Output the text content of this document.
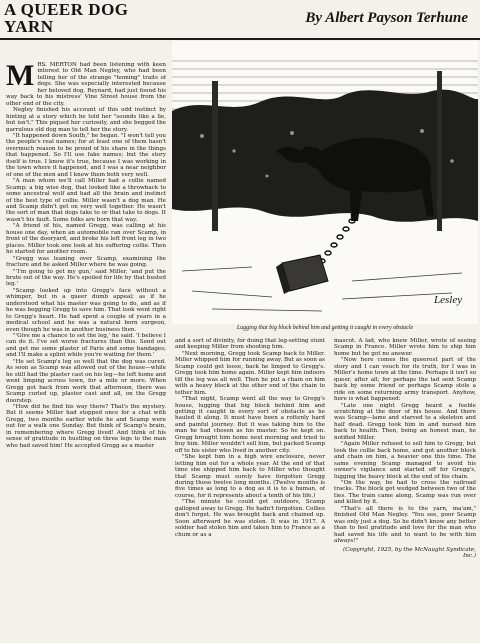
A QUEER DOG YARN	By Albert Payson Terhune

MRS. MERTON had been listening with keen interest to Old Man Negley, who had been telling her of the strange "homing" traits of dogs. She was especially interested because her beloved dog, Reynard, had just found his way back to his mistress' Vine Street house from the other end of the city.

Negley finished his account of this odd instinct by hinting at a story which he told her "sounds like a lie, but isn't." This piqued her curiosity, and she begged the garrulous old dog man to tell her the story.

"It happened down South," he began. "I won't tell you the people's real names; for at least one of them hasn't overmuch reason to be proud of his share in the things that happened. So I'll use fake names; but the story itself is true. I know it's true, because I was working in the town where it happened, and I was a near neighbor of one of the men and I knew them both very well.

"A man whom we'll call Miller had a collie named Scamp; a big wise dog, that looked like a throwback to some ancestral wolf and had all the brain and instinct of the best type of collie. Miller wasn't a dog man. He and Scamp didn't get on very well together. He wasn't the sort of man that dogs take to or that take to dogs. It wasn't his fault. Some folks are born that way.

"A friend of his, named Gregg, was calling at his house one day, when an automobile ran over Scamp, in front of the dooryard, and broke his left front leg in two places. Miller took one look at his suffering collie. Then he started for another room.

"Gregg was leaning over Scamp, examining the fracture and he asked Miller where he was going.

"'I'm going to get my gun,' said Miller, 'and put the brute out of the way. He's spoiled for life by that busted leg.'

"Scamp looked up into Gregg's face without a whimper, but in a queer dumb appeal; as if he understood what his master was going to do, and as if he was begging Gregg to save him. That look went right to Gregg's heart. He had spent a couple of years in a medical school and he was a natural born surgeon, even though he was in another business then.

"'Give me a chance to set the leg,' he said. 'I believe I can do it. I've set worse fractures than this. Send out and get me some plaster of Paris and some bandages; and I'll make a splint while you're waiting for them.'

"He set Scamp's leg so well that the dog was cured. As soon as Scamp was allowed out of the house—while he still had the plaster cast on his leg—he left home and went limping across town, for a mile or more. When Gregg got back from work that afternoon, there was Scamp curled up, plaster cast and all, on the Gregg doorstep.

"How did he find his way there? That's the mystery. But it seems Miller had stopped once for a chat with Gregg, two months earlier while he and Scamp were out for a walk one Sunday. But think of Scamp's brain, in remembering where Gregg lived! And think of his sense of gratitude in hustling on three legs to the man who had saved him! He accepted Gregg as a master

Lesley
Lugging that big block behind him and getting it caught in every obstacle

and a sort of divinity, for doing that leg-setting stunt and keeping Miller from shooting him.

"Next morning, Gregg took Scamp back to Miller. Miller whipped him for running away. But as soon as Scamp could get loose, back he limped to Gregg's. Gregg took him home again. Miller kept him indoors till the leg was all well. Then he put a chain on him with a heavy block at the other end of the chain to tether him.

"That night, Scamp went all the way to Gregg's house, lugging that big block behind him and getting it caught in every sort of obstacle as he hauled it along. It must have been a rottenly hard and painful journey. But it was taking him to the man he had chosen as his master. So he kept on. Gregg brought him home next morning and tried to buy him. Miller wouldn't sell him, but packed Scamp off to his sister who lived in another city.

"She kept him in a high wire enclosure, never letting him out for a whole year. At the end of that time she shipped him back to Miller who thought that Scamp must surely have forgotten Gregg during those twelve long months. (Twelve months is five times as long to a dog as it is to a human, of course, for it represents about a tenth of his life.)

"The minute he could get outdoors, Scamp galloped away to Gregg. He hadn't forgotten. Collies don't forget. He was brought back and chained up. Soon afterward he was stolen. It was in 1917. A soldier had stolen him and taken him to France as a chum or as a

mascot. A lad, who knew Miller, wrote of seeing Scamp in France. Miller wrote him to ship him home but he got no answer.

"Now here comes the queerest part of the story and I can vouch for its truth, for I was in Miller's home town at the time. Perhaps it isn't so queer, after all; for perhaps the lad sent Scamp back by some friend or perhaps Scamp stole a ride on some returning army transport. Anyhow, here is what happened:

"Late one night Gregg heard a feeble scratching at the door of his house. And there was Scamp—lame and starved to a skeleton and half dead. Gregg took him in and nursed him back to health. Then, being an honest man, he notified Miller.

"Again Miller refused to sell him to Gregg, but took the collie back home, and got another block and chain on him, a heavier one this time. The same evening Scamp managed to avoid his owner's vigilance and started off for Gregg's, lugging the heavy block at the end of his chain.

"On the way, he had to cross the railroad tracks. The block got wedged between two of the ties. The train came along. Scamp was run over and killed by it.

"That's all there is to the yarn, ma'am," finished Old Man Negley. "You see, poor Scamp was only just a dog. So he didn't know any better than to feel gratitude and love for the man who had saved his life and to want to be with him always!"

(Copyright, 1925, by the McNaught Syndicate, Inc.)
